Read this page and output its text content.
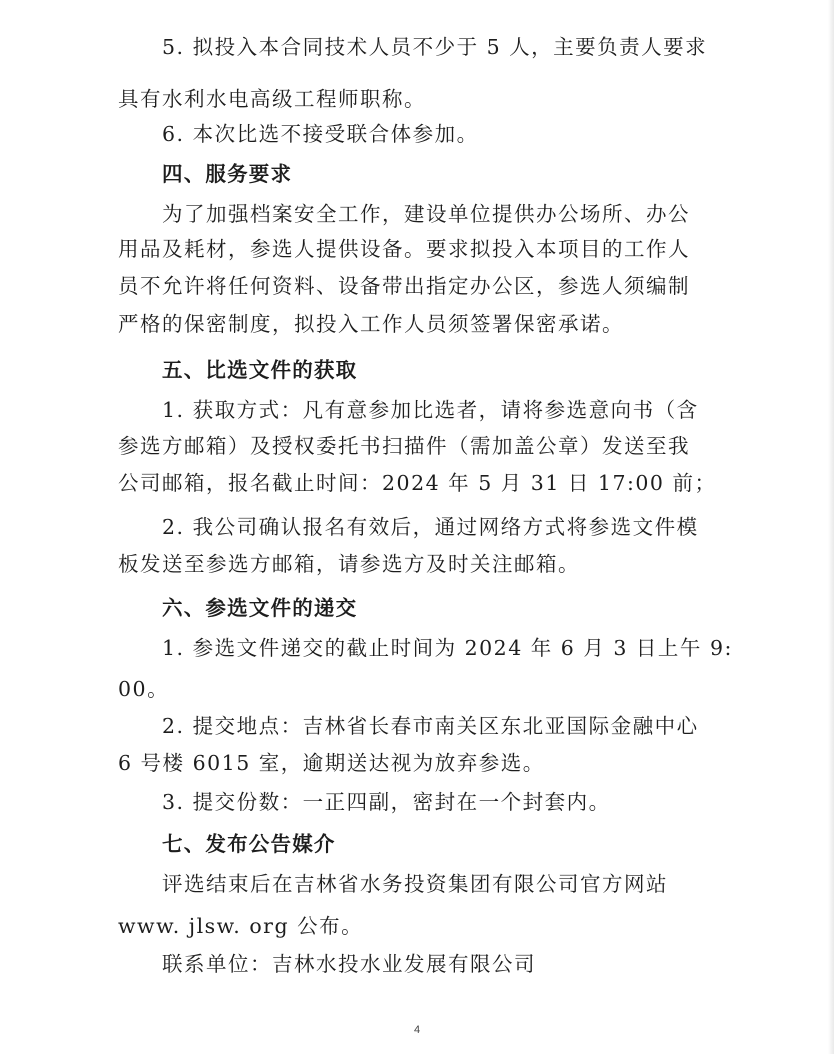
5. 拟投入本合同技术人员不少于 5 人，主要负责人要求
具有水利水电高级工程师职称。
6. 本次比选不接受联合体参加。
四、服务要求
为了加强档案安全工作，建设单位提供办公场所、办公
用品及耗材，参选人提供设备。要求拟投入本项目的工作人
员不允许将任何资料、设备带出指定办公区，参选人须编制
严格的保密制度，拟投入工作人员须签署保密承诺。
五、比选文件的获取
1. 获取方式：凡有意参加比选者，请将参选意向书（含
参选方邮箱）及授权委托书扫描件（需加盖公章）发送至我
公司邮箱，报名截止时间：2024 年 5 月 31 日 17:00 前；
2. 我公司确认报名有效后，通过网络方式将参选文件模
板发送至参选方邮箱，请参选方及时关注邮箱。
六、参选文件的递交
1. 参选文件递交的截止时间为 2024 年 6 月 3 日上午 9:
00。
2. 提交地点：吉林省长春市南关区东北亚国际金融中心
6 号楼 6015 室，逾期送达视为放弃参选。
3. 提交份数：一正四副，密封在一个封套内。
七、发布公告媒介
评选结束后在吉林省水务投资集团有限公司官方网站
www. jlsw. org 公布。
联系单位：吉林水投水业发展有限公司
4
